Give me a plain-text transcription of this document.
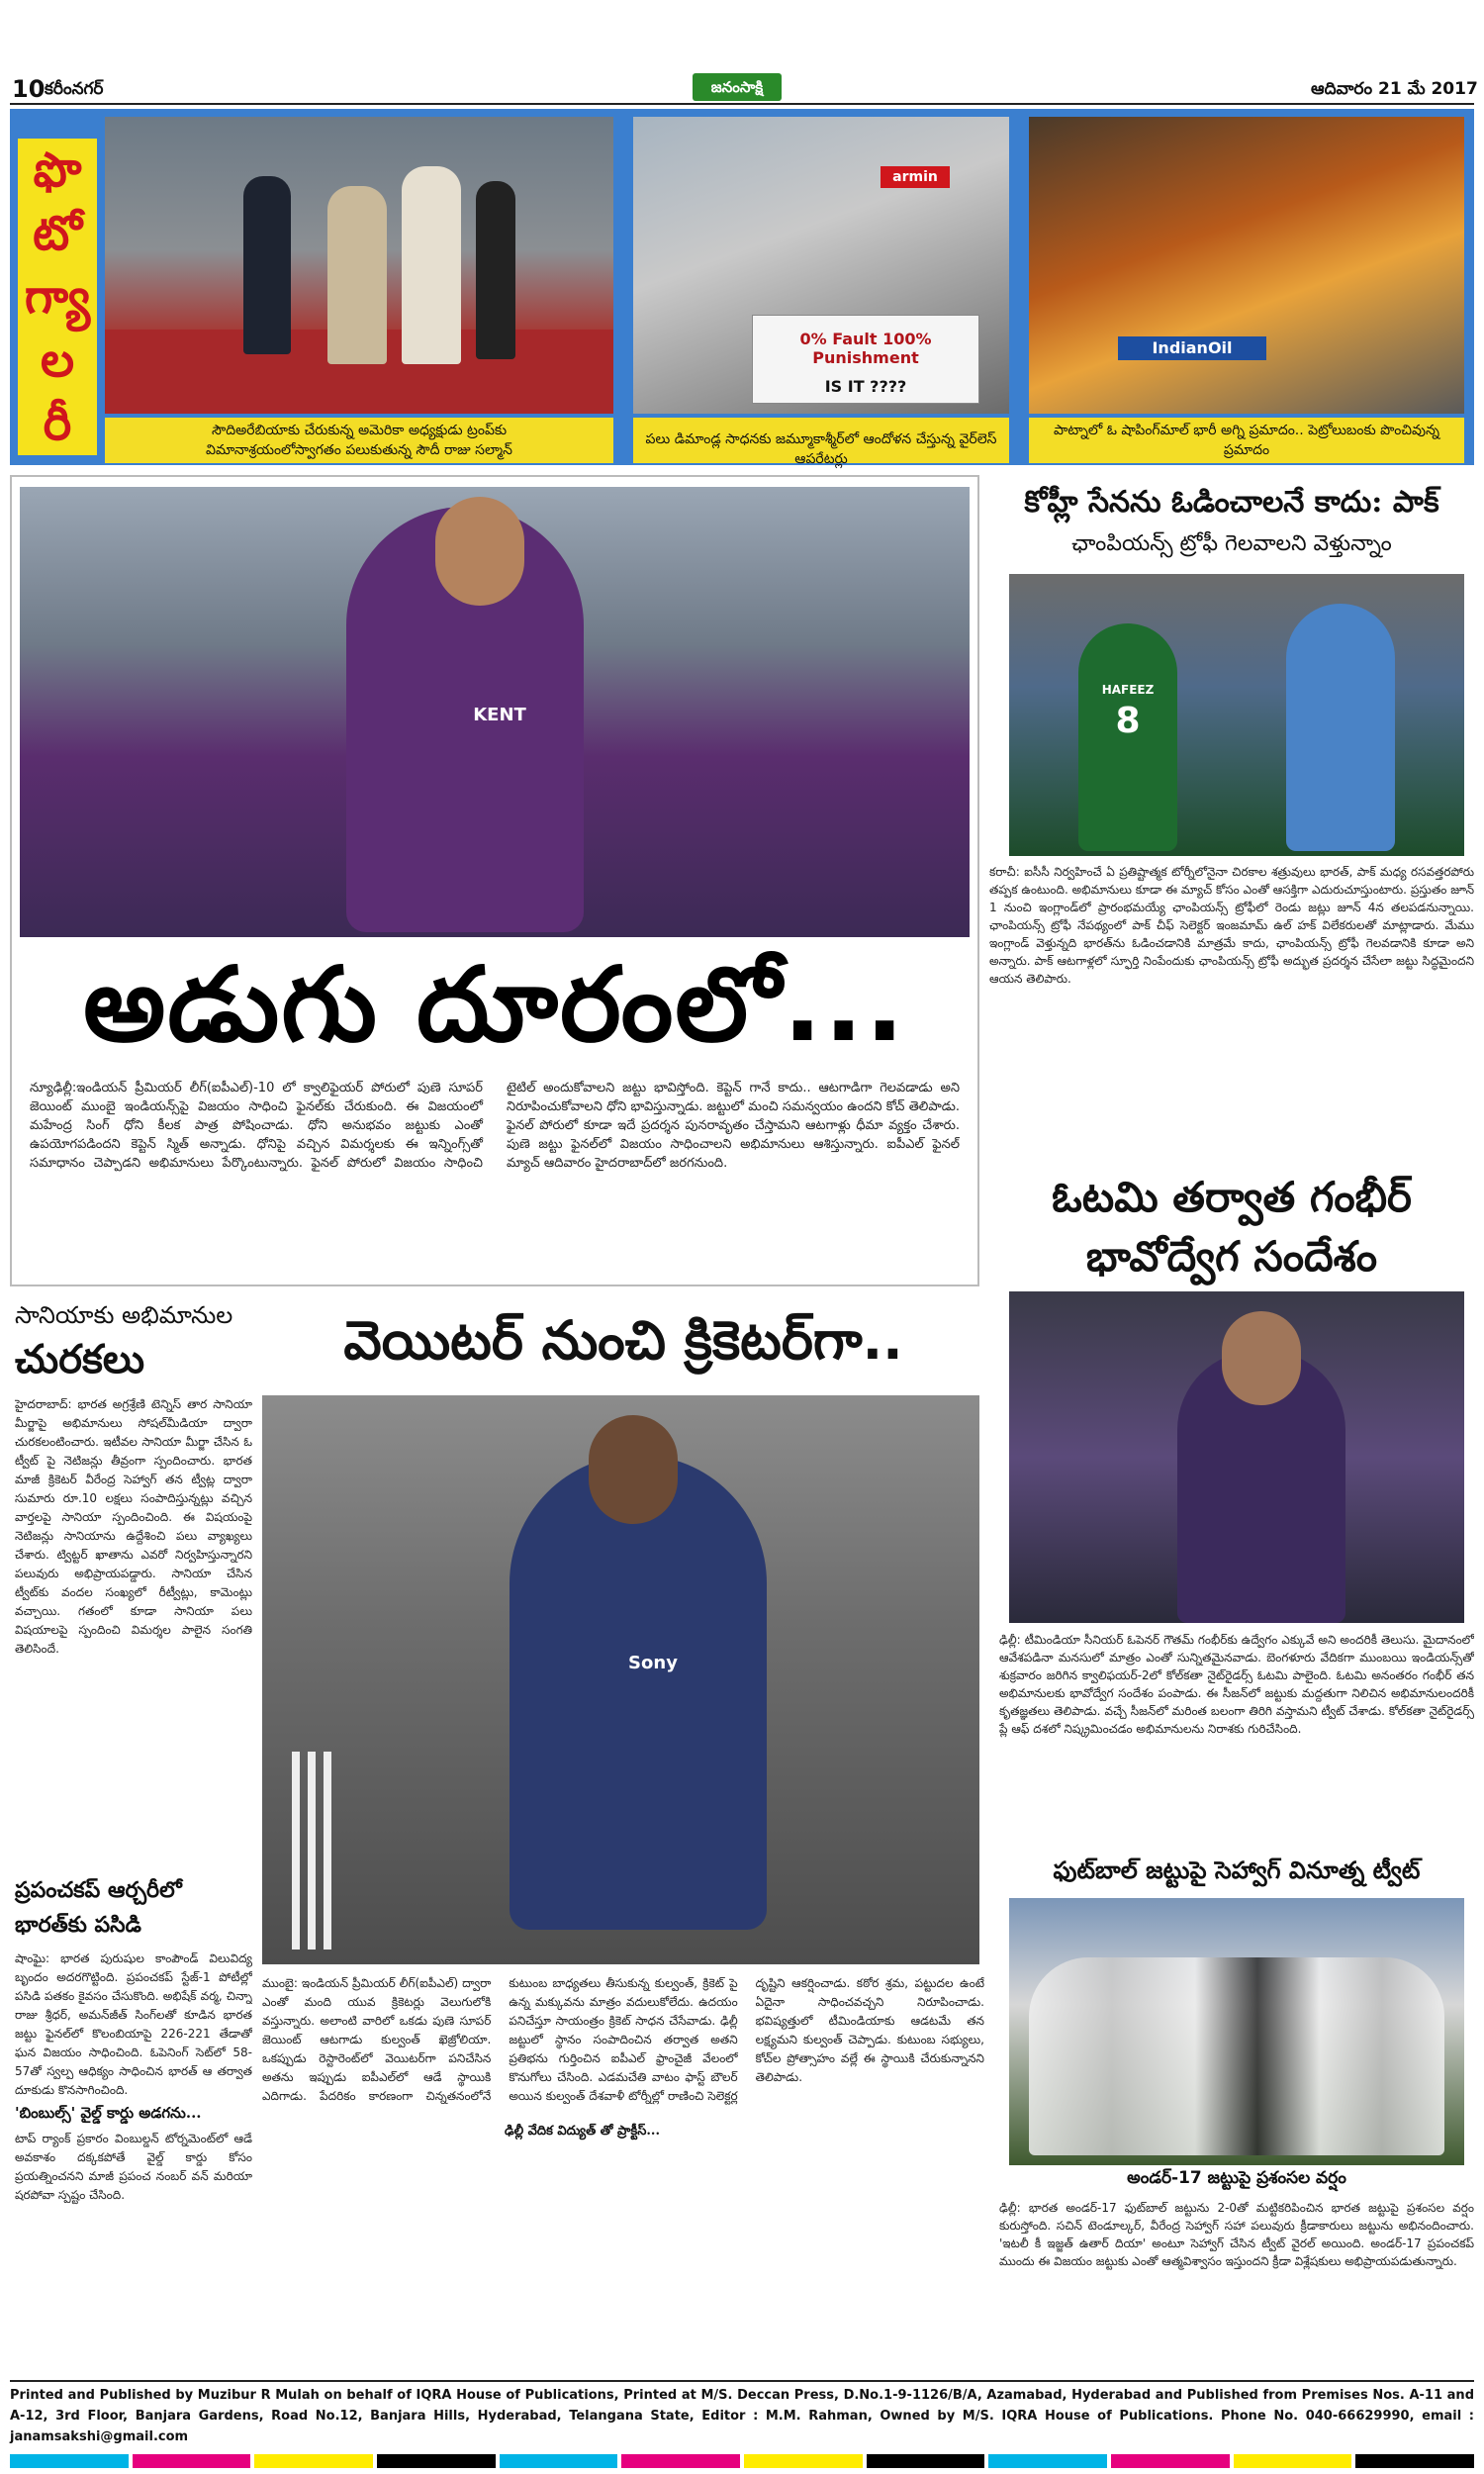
10 కరీంనగర్	జనంసాక్షి	ఆదివారం 21 మే 2017
ఫొ
టో
గ్యా
ల
రీ	సౌదిఅరేబియాకు చేరుకున్న అమెరికా అధ్యక్షుడు ట్రంప్‌కు విమానాశ్రయంలోస్వాగతం పలుకుతున్న సౌదీ రాజు సల్మాన్
armin
0% Fault 100% Punishment
IS IT ????
పలు డిమాండ్ల సాధనకు జమ్మూకాశ్మీర్‌లో ఆందోళన చేస్తున్న వైర్‌లెస్ ఆపరేటర్లు
IndianOil
పాట్నాలో ఓ షాపింగ్‌మాల్ భారీ అగ్ని ప్రమాదం.. పెట్రోలుబంకు పొంచివున్న ప్రమాదం
KENT
అడుగు దూరంలో...
న్యూఢిల్లీ:ఇండియన్ ప్రీమియర్ లీగ్(ఐపీఎల్)-10 లో క్వాలిఫైయర్ పోరులో పుణె సూపర్ జెయింట్ ముంబై ఇండియన్స్‌పై విజయం సాధించి ఫైనల్‌కు చేరుకుంది. ఈ విజయంలో మహేంద్ర సింగ్ ధోని కీలక పాత్ర పోషించాడు. ధోని అనుభవం జట్టుకు ఎంతో ఉపయోగపడిందని కెప్టెన్ స్మిత్ అన్నాడు. ధోనిపై వచ్చిన విమర్శలకు ఈ ఇన్నింగ్స్‌తో సమాధానం చెప్పాడని అభిమానులు పేర్కొంటున్నారు. ఫైనల్ పోరులో విజయం సాధించి టైటిల్ అందుకోవాలని జట్టు భావిస్తోంది. కెప్టెన్ గానే కాదు.. ఆటగాడిగా గెలవడాడు అని నిరూపించుకోవాలని ధోని భావిస్తున్నాడు. జట్టులో మంచి సమన్వయం ఉందని కోచ్ తెలిపాడు. ఫైనల్ పోరులో కూడా ఇదే ప్రదర్శన పునరావృతం చేస్తామని ఆటగాళ్లు ధీమా వ్యక్తం చేశారు. పుణె జట్టు ఫైనల్‌లో విజయం సాధించాలని అభిమానులు ఆశిస్తున్నారు. ఐపీఎల్ ఫైనల్ మ్యాచ్ ఆదివారం హైదరాబాద్‌లో జరగనుంది.
కోహ్లీ సేనను ఓడించాలనే కాదు: పాక్
ఛాంపియన్స్ ట్రోఫీ గెలవాలని వెళ్తున్నాం
HAFEEZ
8
కరాచీ: ఐసీసీ నిర్వహించే ఏ ప్రతిష్టాత్మక టోర్నీలోనైనా చిరకాల శత్రువులు భారత్, పాక్ మధ్య రసవత్తరపోరు తప్పక ఉంటుంది. అభిమానులు కూడా ఈ మ్యాచ్ కోసం ఎంతో ఆసక్తిగా ఎదురుచూస్తుంటారు. ప్రస్తుతం జూన్ 1 నుంచి ఇంగ్లాండ్‌లో ప్రారంభమయ్యే ఛాంపియన్స్ ట్రోఫీలో రెండు జట్లు జూన్ 4న తలపడనున్నాయి. ఛాంపియన్స్ ట్రోఫీ నేపథ్యంలో పాక్ చీఫ్ సెలెక్టర్ ఇంజమామ్ ఉల్ హక్ విలేకరులతో మాట్లాడారు. మేము ఇంగ్లాండ్ వెళ్తున్నది భారత్‌ను ఓడించడానికి మాత్రమే కాదు, ఛాంపియన్స్ ట్రోఫీ గెలవడానికి కూడా అని అన్నారు. పాక్ ఆటగాళ్లలో స్ఫూర్తి నింపేందుకు ఛాంపియన్స్ ట్రోఫీ అద్భుత ప్రదర్శన చేసేలా జట్టు సిద్ధమైందని ఆయన తెలిపారు.
ఓటమి తర్వాత గంభీర్ భావోద్వేగ సందేశం
ఢిల్లీ: టీమిండియా సీనియర్ ఓపెనర్ గౌతమ్ గంభీర్‌కు ఉద్వేగం ఎక్కువే అని అందరికీ తెలుసు. మైదానంలో ఆవేశపడినా మనసులో మాత్రం ఎంతో సున్నితమైనవాడు. బెంగళూరు వేదికగా ముంబయి ఇండియన్స్‌తో శుక్రవారం జరిగిన క్వాలిఫయర్-2లో కోల్‌కతా నైట్‌రైడర్స్ ఓటమి పాలైంది. ఓటమి అనంతరం గంభీర్ తన అభిమానులకు భావోద్వేగ సందేశం పంపాడు. ఈ సీజన్‌లో జట్టుకు మద్దతుగా నిలిచిన అభిమానులందరికీ కృతజ్ఞతలు తెలిపాడు. వచ్చే సీజన్‌లో మరింత బలంగా తిరిగి వస్తామని ట్వీట్ చేశాడు. కోల్‌కతా నైట్‌రైడర్స్ ప్లే ఆఫ్ దశలో నిష్క్రమించడం అభిమానులను నిరాశకు గురిచేసింది.
ఫుట్‌బాల్ జట్టుపై సెహ్వాగ్ వినూత్న ట్వీట్
అండర్-17 జట్టుపై ప్రశంసల వర్షం
ఢిల్లీ: భారత అండర్-17 ఫుట్‌బాల్ జట్టును 2-0తో మట్టికరిపించిన భారత జట్టుపై ప్రశంసల వర్షం కురుస్తోంది. సచిన్ టెండూల్కర్, వీరేంద్ర సెహ్వాగ్ సహా పలువురు క్రీడాకారులు జట్టును అభినందించారు. 'ఇటలీ కీ ఇజ్జత్ ఉతార్ దియా' అంటూ సెహ్వాగ్ చేసిన ట్వీట్ వైరల్ అయింది. అండర్-17 ప్రపంచకప్ ముందు ఈ విజయం జట్టుకు ఎంతో ఆత్మవిశ్వాసం ఇస్తుందని క్రీడా విశ్లేషకులు అభిప్రాయపడుతున్నారు.
సానియాకు అభిమానుల
చురకలు
హైదరాబాద్: భారత అగ్రశ్రేణి టెన్నిస్ తార సానియా మీర్జాపై అభిమానులు సోషల్‌మీడియా ద్వారా చురకలంటించారు. ఇటీవల సానియా మీర్జా చేసిన ఓ ట్వీట్ పై నెటిజన్లు తీవ్రంగా స్పందించారు. భారత మాజీ క్రికెటర్ వీరేంద్ర సెహ్వాగ్ తన ట్వీట్ల ద్వారా సుమారు రూ.10 లక్షలు సంపాదిస్తున్నట్లు వచ్చిన వార్తలపై సానియా స్పందించింది. ఈ విషయంపై నెటిజన్లు సానియాను ఉద్దేశించి పలు వ్యాఖ్యలు చేశారు. ట్విట్టర్ ఖాతాను ఎవరో నిర్వహిస్తున్నారని పలువురు అభిప్రాయపడ్డారు. సానియా చేసిన ట్వీట్‌కు వందల సంఖ్యలో రీట్వీట్లు, కామెంట్లు వచ్చాయి. గతంలో కూడా సానియా పలు విషయాలపై స్పందించి విమర్శల పాలైన సంగతి తెలిసిందే.
ప్రపంచకప్ ఆర్చరీలో
భారత్‌కు పసిడి
షాంఘై: భారత పురుషుల కాంపౌండ్ విలువిద్య బృందం అదరగొట్టింది. ప్రపంచకప్ స్టేజ్-1 పోటీల్లో పసిడి పతకం కైవసం చేసుకొంది. అభిషేక్ వర్మ, చిన్నా రాజు శ్రీధర్, అమన్‌జీత్ సింగ్‌లతో కూడిన భారత జట్టు ఫైనల్‌లో కొలంబియాపై 226-221 తేడాతో ఘన విజయం సాధించింది. ఓపెనింగ్ సెట్‌లో 58-57తో స్వల్ప ఆధిక్యం సాధించిన భారత్ ఆ తర్వాత దూకుడు కొనసాగించింది.
'బింబుల్స్' వైల్డ్ కార్డు అడగను...
టాప్ ర్యాంక్ ప్రకారం వింబుల్డన్ టోర్నమెంట్‌లో ఆడే అవకాశం దక్కకపోతే వైల్డ్ కార్డు కోసం ప్రయత్నించనని మాజీ ప్రపంచ నంబర్ వన్ మరియా షరపోవా స్పష్టం చేసింది.
వెయిటర్ నుంచి క్రికెటర్‌గా..
Sony
ముంబై: ఇండియన్ ప్రీమియర్ లీగ్(ఐపీఎల్) ద్వారా ఎంతో మంది యువ క్రికెటర్లు వెలుగులోకి వస్తున్నారు. అలాంటి వారిలో ఒకడు పుణె సూపర్ జెయింట్ ఆటగాడు కుల్వంత్ ఖెజ్రోలియా. ఒకప్పుడు రెస్టారెంట్‌లో వెయిటర్‌గా పనిచేసిన అతను ఇప్పుడు ఐపీఎల్‌లో ఆడే స్థాయికి ఎదిగాడు. పేదరికం కారణంగా చిన్నతనంలోనే కుటుంబ బాధ్యతలు తీసుకున్న కుల్వంత్, క్రికెట్ పై ఉన్న మక్కువను మాత్రం వదులుకోలేదు. ఉదయం పనిచేస్తూ సాయంత్రం క్రికెట్ సాధన చేసేవాడు. ఢిల్లీ జట్టులో స్థానం సంపాదించిన తర్వాత అతని ప్రతిభను గుర్తించిన ఐపీఎల్ ఫ్రాంచైజీ వేలంలో కొనుగోలు చేసింది. ఎడమచేతి వాటం ఫాస్ట్ బౌలర్ అయిన కుల్వంత్ దేశవాళీ టోర్నీల్లో రాణించి సెలెక్టర్ల దృష్టిని ఆకర్షించాడు. కఠోర శ్రమ, పట్టుదల ఉంటే ఏదైనా సాధించవచ్చని నిరూపించాడు. భవిష్యత్తులో టీమిండియాకు ఆడటమే తన లక్ష్యమని కుల్వంత్ చెప్పాడు. కుటుంబ సభ్యులు, కోచ్‌ల ప్రోత్సాహం వల్లే ఈ స్థాయికి చేరుకున్నానని తెలిపాడు.
ఢిల్లీ వేదిక విద్యుత్ తో ప్రాక్టీస్...
Printed and Published by Muzibur R Mulah on behalf of IQRA House of Publications, Printed at M/S. Deccan Press, D.No.1-9-1126/B/A, Azamabad, Hyderabad and Published from Premises Nos. A-11 and A-12, 3rd Floor, Banjara Gardens, Road No.12, Banjara Hills, Hyderabad, Telangana State, Editor : M.M. Rahman, Owned by M/S. IQRA House of Publications. Phone No. 040-66629990, email : janamsakshi@gmail.com
